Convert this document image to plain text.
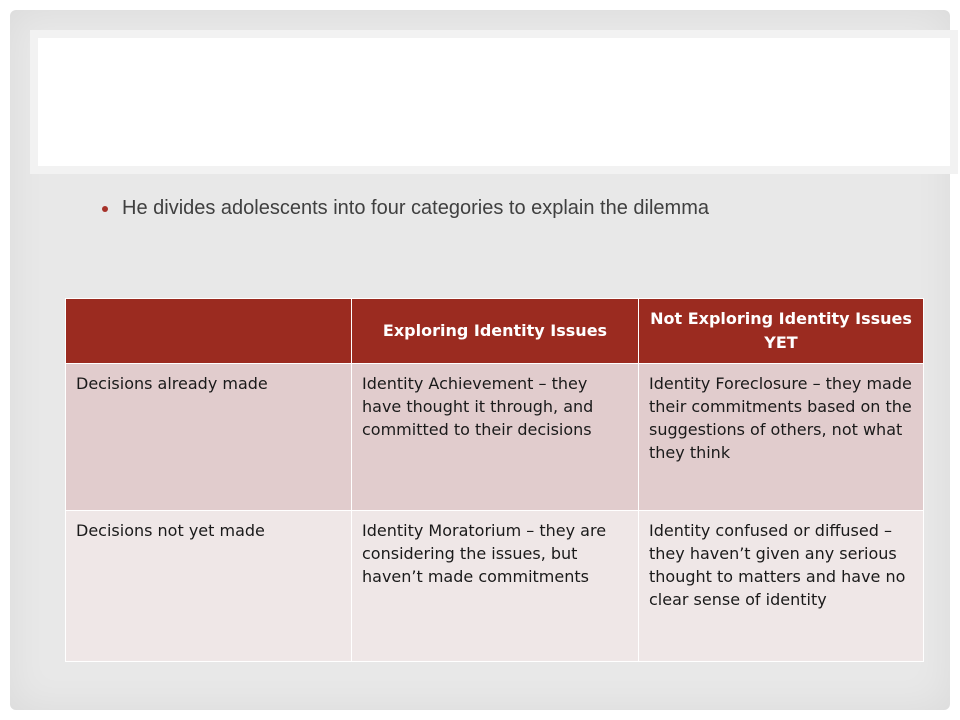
He divides adolescents into four categories to explain the dilemma
	Exploring Identity Issues	Not Exploring Identity Issues YET
Decisions already made	Identity Achievement – they have thought it through, and committed to their decisions	Identity Foreclosure – they made their commitments based on the suggestions of others, not what they think
Decisions not yet made	Identity Moratorium – they are considering the issues, but haven’t made commitments	Identity confused or diffused – they haven’t given any serious thought to matters and have no clear sense of identity
